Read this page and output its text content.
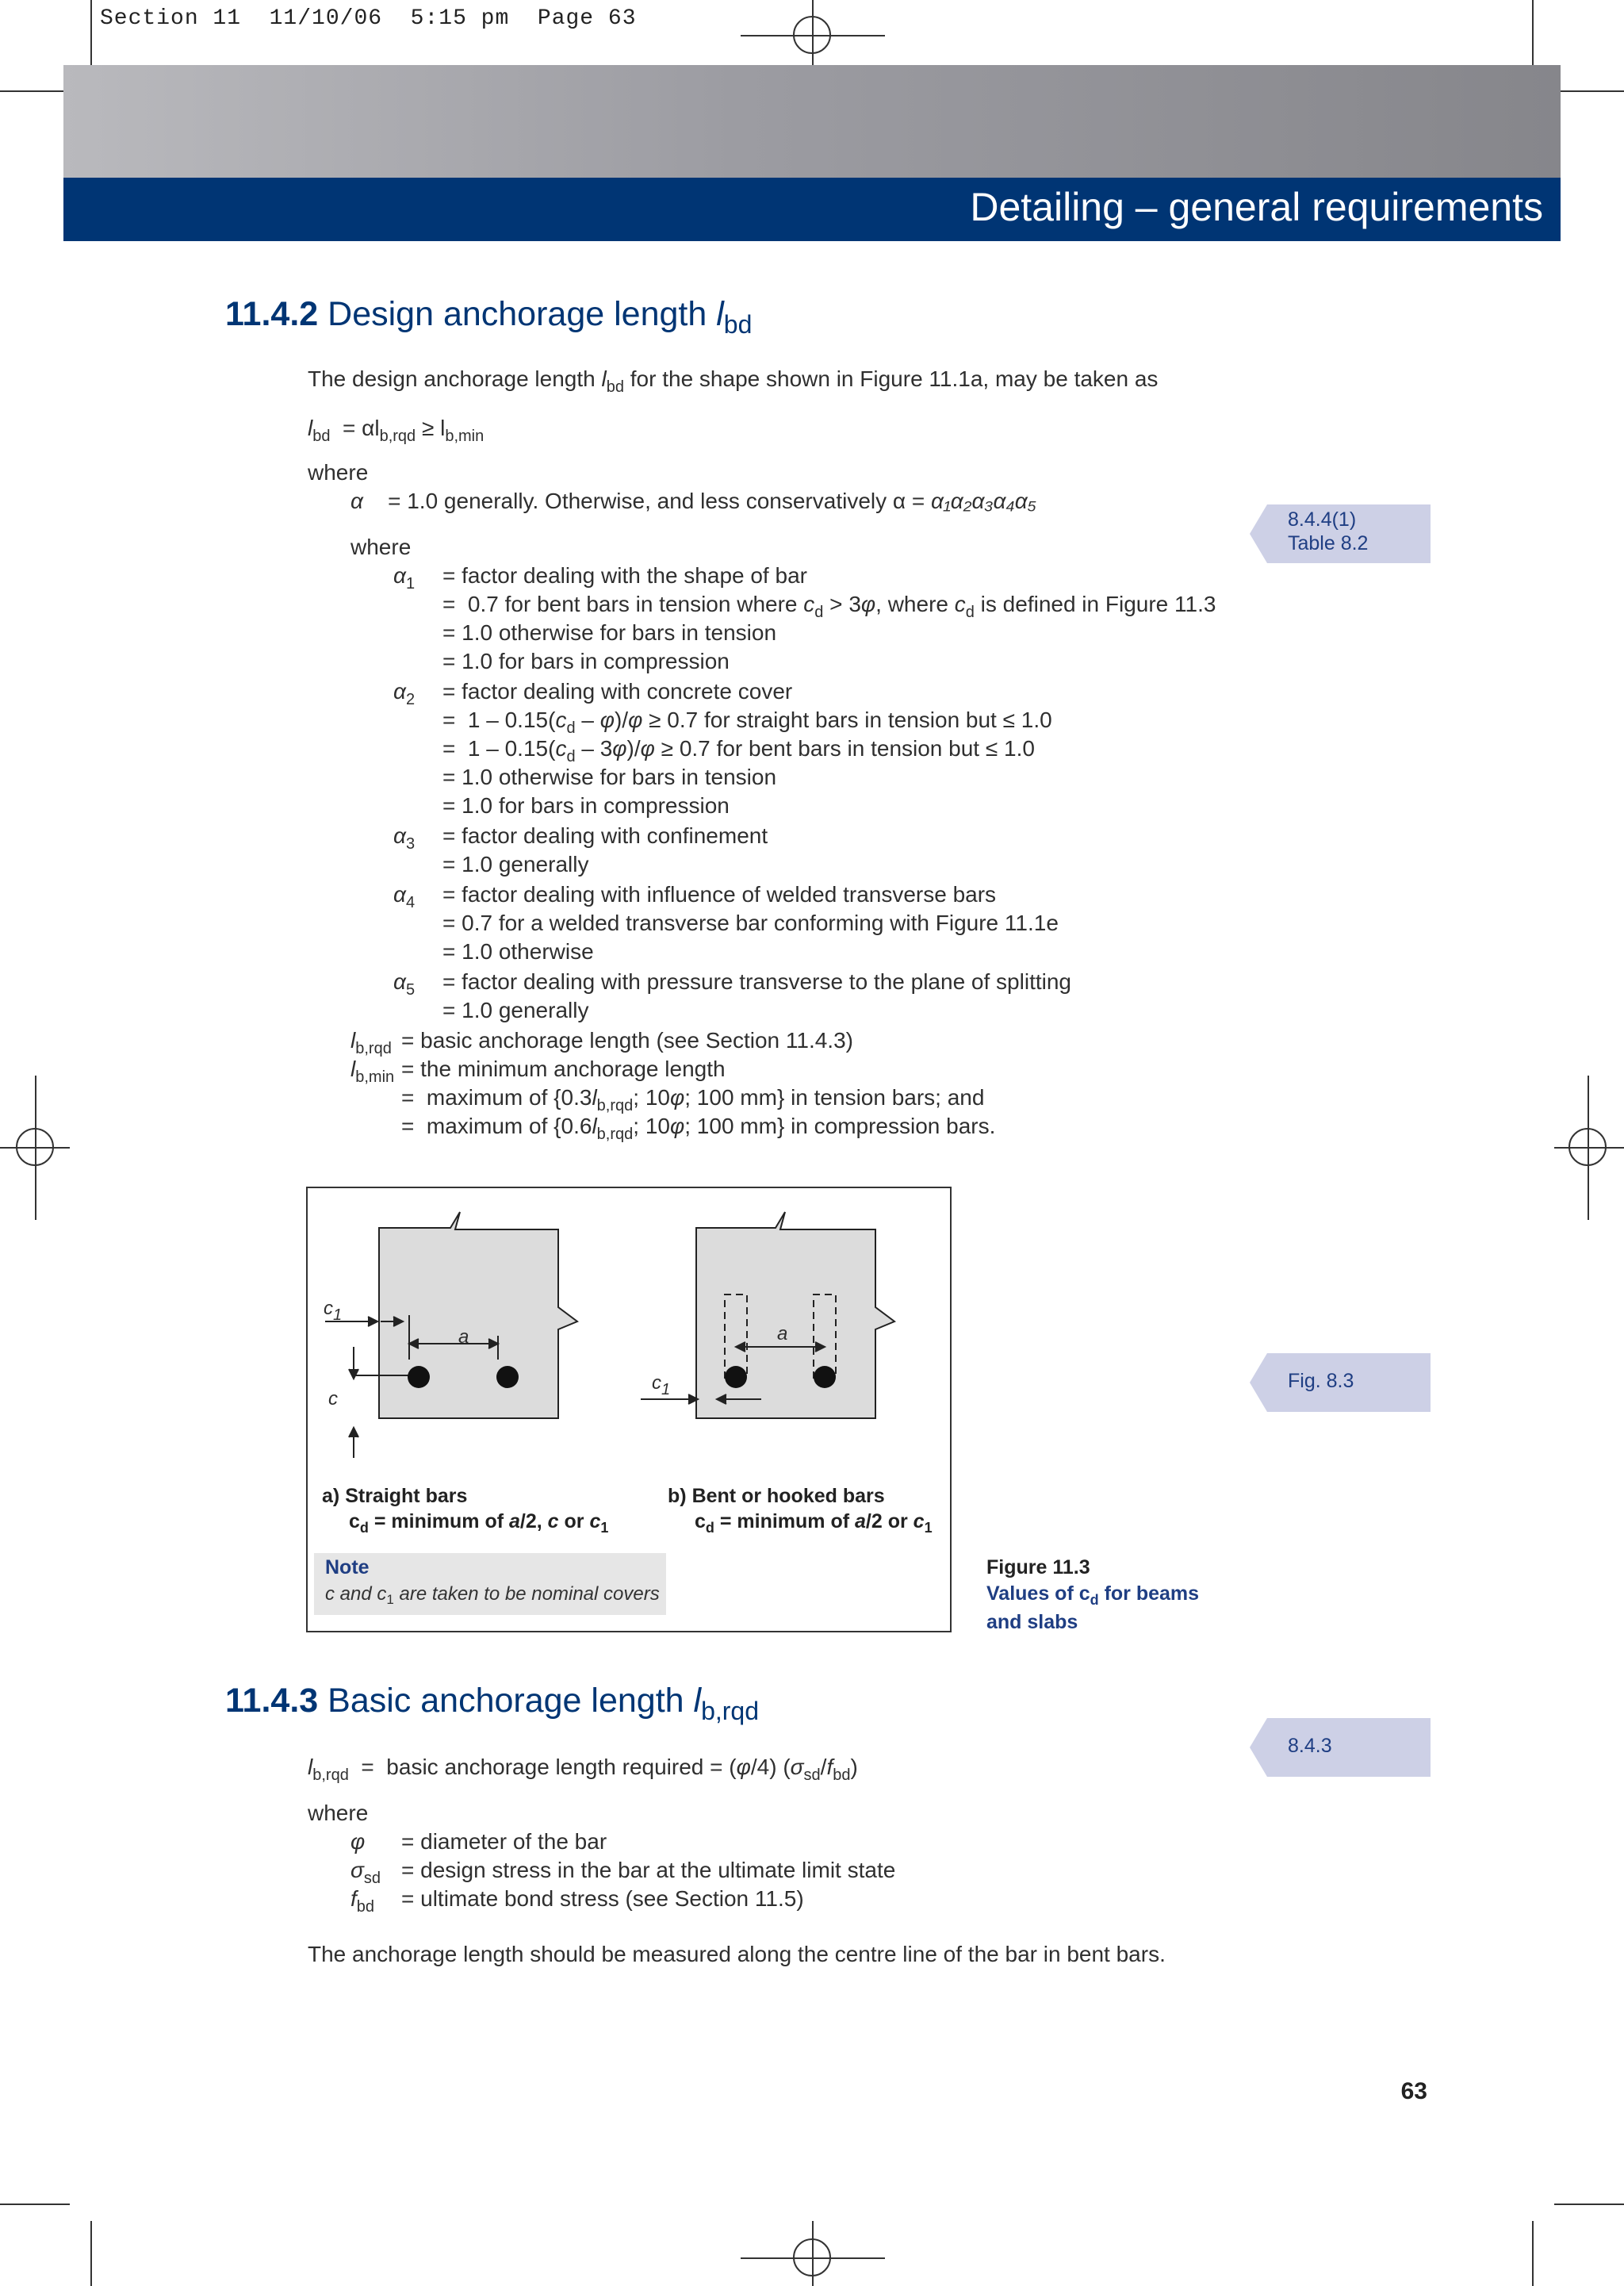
Section 11  11/10/06  5:15 pm  Page 63
Detailing – general requirements
11.4.2 Design anchorage length $l_{bd}$
The design anchorage length $l_{bd}$ for the shape shown in Figure 11.1a, may be taken as
$l_{bd} = \alpha l_{b,rqd} \ge l_{b,min}$
where
α = 1.0 generally. Otherwise, and less conservatively α = α₁α₂α₃α₄α₅
where
$\alpha_1$ = factor dealing with the shape of bar
=  0.7 for bent bars in tension where $c_d > 3\varphi$, where $c_d$ is defined in Figure 11.3
= 1.0 otherwise for bars in tension
= 1.0 for bars in compression
$\alpha_2$ = factor dealing with concrete cover
=  $1 - 0.15(c_d - \varphi)/\varphi \ge 0.7$ for straight bars in tension but ≤ 1.0
=  $1 - 0.15(c_d - 3\varphi)/\varphi \ge 0.7$ for bent bars in tension but ≤ 1.0
= 1.0 otherwise for bars in tension
= 1.0 for bars in compression
$\alpha_3$ = factor dealing with confinement
= 1.0 generally
$\alpha_4$ = factor dealing with influence of welded transverse bars
= 0.7 for a welded transverse bar conforming with Figure 11.1e
= 1.0 otherwise
$\alpha_5$ = factor dealing with pressure transverse to the plane of splitting
= 1.0 generally
$l_{b,rqd}$ = basic anchorage length (see Section 11.4.3)
$l_{b,min}$ = the minimum anchorage length
=  maximum of {$0.3l_{b,rqd}$; 10φ; 100 mm} in tension bars; and
=  maximum of {$0.6l_{b,rqd}$; 10φ; 100 mm} in compression bars.
8.4.4(1)
Table 8.2
$c_1$
c
a	a
$c_1$
a) Straight bars
$c_d$ = minimum of a/2, c or $c_1$
b) Bent or hooked bars
$c_d$ = minimum of a/2 or $c_1$
Note
c and $c_1$ are taken to be nominal covers
Figure 11.3
Values of $c_d$ for beams
and slabs
Fig. 8.3
11.4.3 Basic anchorage length $l_{b,rqd}$
$l_{b,rqd}$  =  basic anchorage length required = (φ/4) $(\sigma_{sd}/f_{bd})$
where
φ = diameter of the bar
$\sigma_{sd}$ = design stress in the bar at the ultimate limit state
$f_{bd}$ = ultimate bond stress (see Section 11.5)
The anchorage length should be measured along the centre line of the bar in bent bars.
8.4.3
63
